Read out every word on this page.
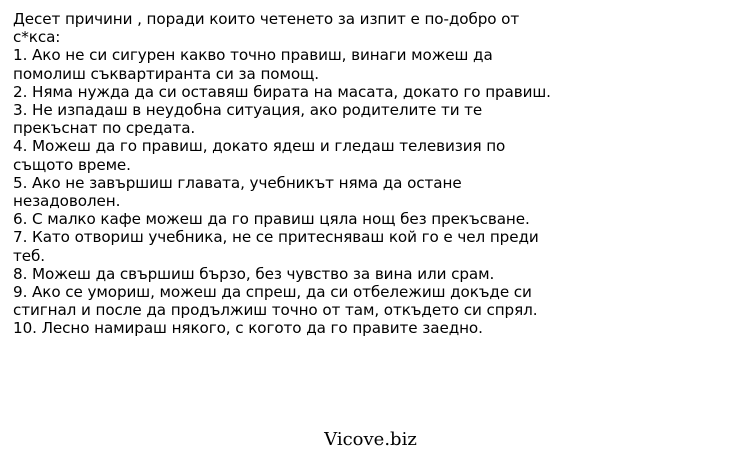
Десет причини , поради които четенето за изпит е по-добро от
с*кса:
1. Ако не си сигурен какво точно правиш, винаги можеш да
помолиш съквартиранта си за помощ.
2. Няма нужда да си оставяш бирата на масата, докато го правиш.
3. Не изпадаш в неудобна ситуация, ако родителите ти те
прекъснат по средата.
4. Можеш да го правиш, докато ядеш и гледаш телевизия по
същото време.
5. Ако не завършиш главата, учебникът няма да остане
незадоволен.
6. С малко кафе можеш да го правиш цяла нощ без прекъсване.
7. Като отвориш учебника, не се притесняваш кой го е чел преди
теб.
8. Можеш да свършиш бързо, без чувство за вина или срам.
9. Ако се умориш, можеш да спреш, да си отбележиш докъде си
стигнал и после да продължиш точно от там, откъдето си спрял.
10. Лесно намираш някого, с когото да го правите заедно.
Vicove.biz
